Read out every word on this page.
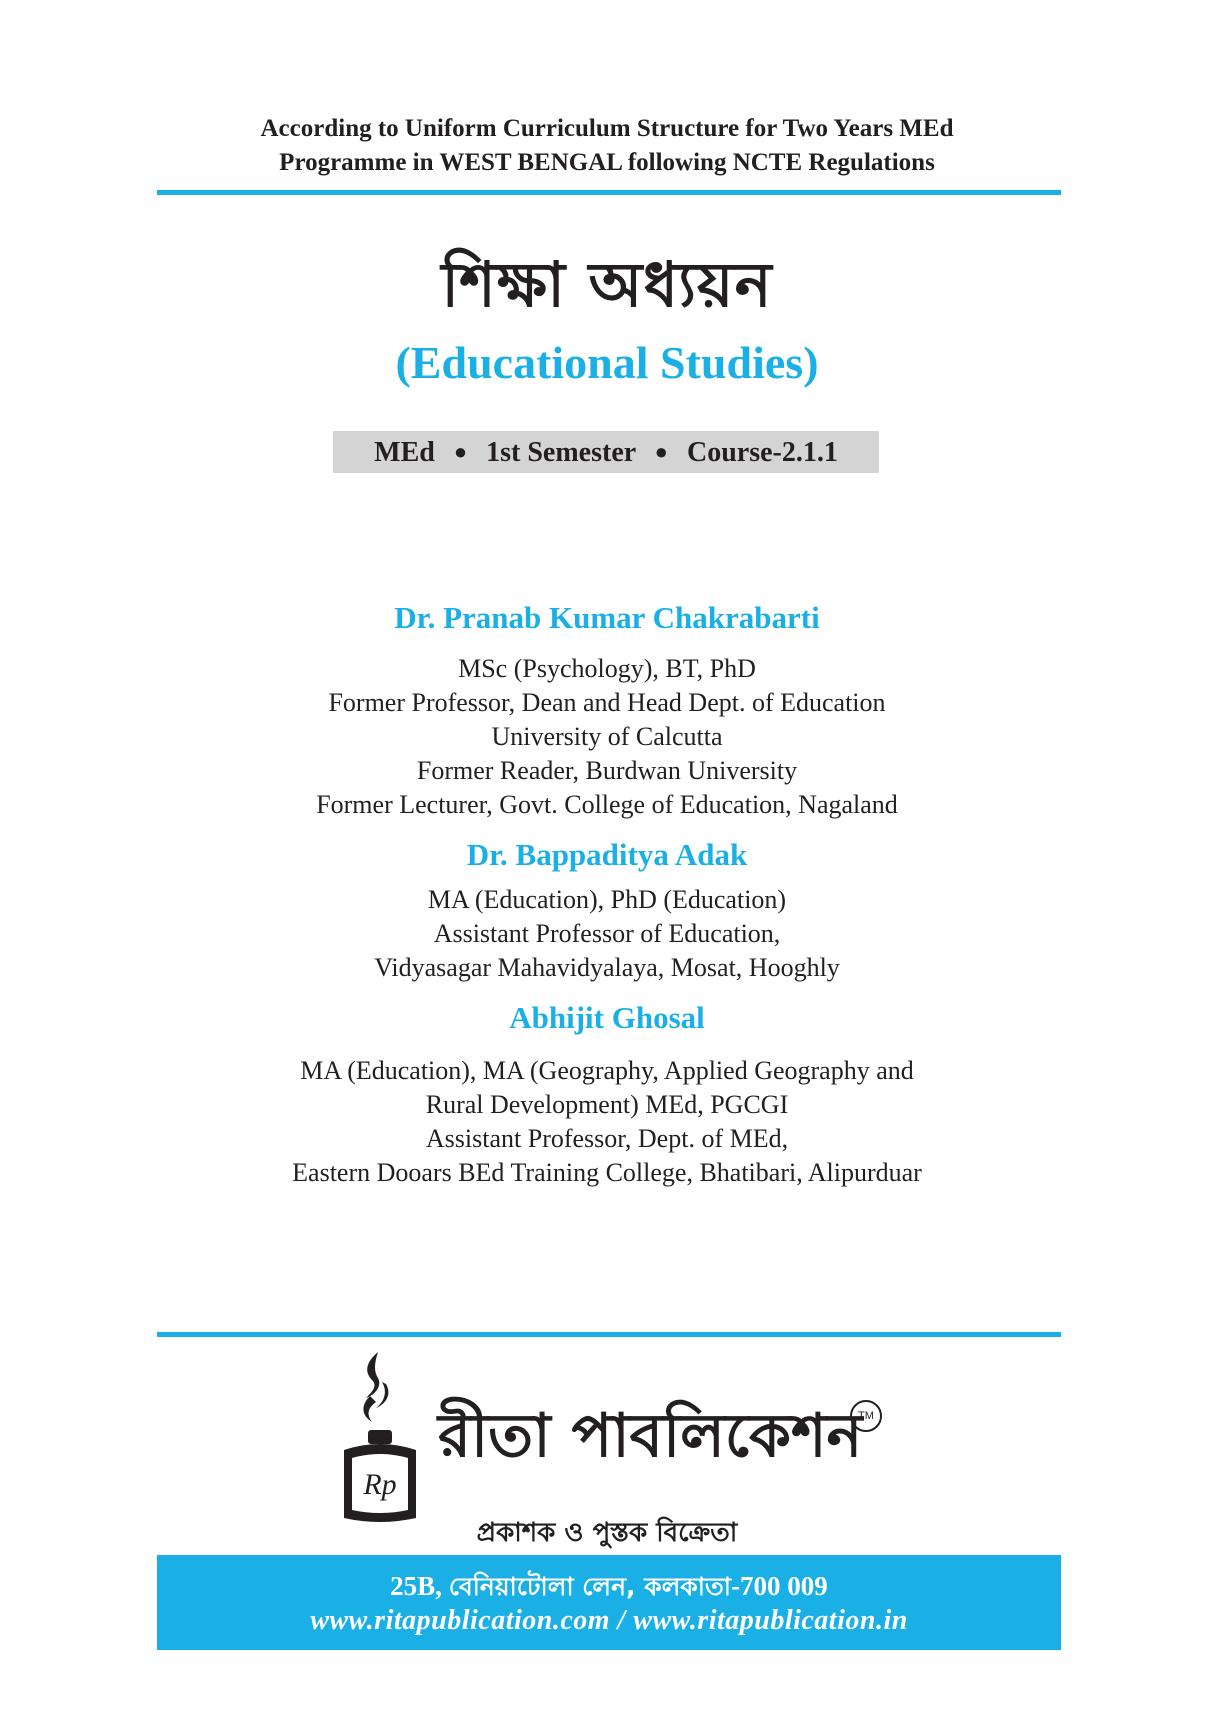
According to Uniform Curriculum Structure for Two Years MEd
Programme in WEST BENGAL following NCTE Regulations
শিক্ষা অধ্যয়ন
(Educational Studies)
MEd ● 1st Semester ● Course-2.1.1
Dr. Pranab Kumar Chakrabarti
MSc (Psychology), BT, PhD
Former Professor, Dean and Head Dept. of Education
University of Calcutta
Former Reader, Burdwan University
Former Lecturer, Govt. College of Education, Nagaland
Dr. Bappaditya Adak
MA (Education), PhD (Education)
Assistant Professor of Education,
Vidyasagar Mahavidyalaya, Mosat, Hooghly
Abhijit Ghosal
MA (Education), MA (Geography, Applied Geography and
Rural Development) MEd, PGCGI
Assistant Professor, Dept. of MEd,
Eastern Dooars BEd Training College, Bhatibari, Alipurduar
Rp
রীতা পাবলিকেশন
TM
প্রকাশক ও পুস্তক বিক্রেতা
25B, বেনিয়াটোলা লেন, কলকাতা-700 009
www.ritapublication.com / www.ritapublication.in
